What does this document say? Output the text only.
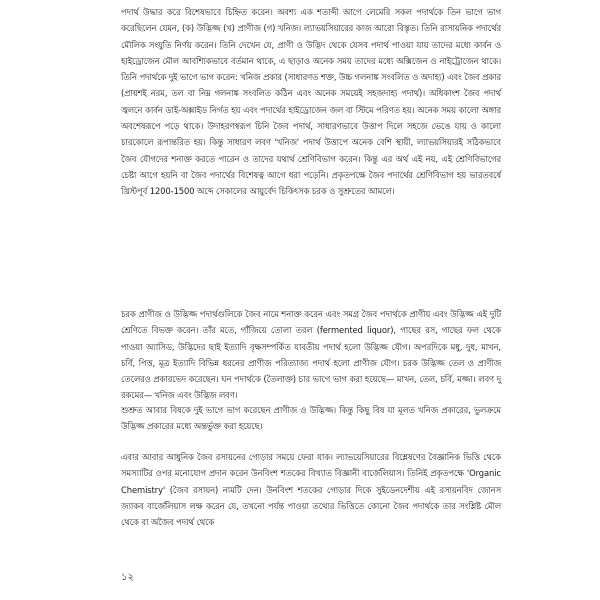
পদার্থ উদ্ধার করে বিশেষভাবে চিহ্নিত করেন। অবশ্য এক শতাব্দী আগে লেমেরি সকল পদার্থকে তিন ভাগে ভাগ করেছিলেন যেমন, (ক) উদ্ভিজ্জ (খ) প্রাণীজ (গ) খনিজ। ল্যাভয়সিয়ারের কাজ আরো বিস্তৃত। তিনি রাসায়নিক পদার্থের মৌলিক সংযুতি নির্ণয় করেন। তিনি দেখেন যে, প্রাণী ও উদ্ভিদ থেকে যেসব পদার্থ পাওয়া যায় তাদের মধ্যে কার্বন ও হাইড্রোজেন মৌল আবশ্যিকভাবে বর্তমান থাকে, এ ছাড়াও অনেক সময় তাদের মধ্যে অক্সিজেন ও নাইট্রোজেন থাকে। তিনি পদার্থকে দুই ভাগে ভাগ করেন: খনিজ প্রকার (সাধারণত শক্ত, উচ্চ গলনাঙ্ক সংবলিত ও অদাহ্য) এবং জৈব প্রকার (প্রায়শই নরম, তল বা নিম্ন গলনাঙ্ক সংবলিত কঠিন এবং অনেক সময়েই সহজদাহ্য পদার্থ)। অধিকাংশ জৈব পদার্থ জ্বলনে কার্বন ডাই-অক্সাইড নির্গত হয় এবং পদার্থের হাইড্রোজেন জল বা স্টিমে পরিণত হয়। অনেক সময় কালো অঙ্গার অবশেষরূপে পড়ে থাকে। উদাহরণস্বরূপ চিনি জৈব পদার্থ, সাধারণভাবে উত্তাপ দিলে সহজে ভেঙে যায় ও কালো চারকোলে রূপান্তরিত হয়। কিন্তু সাধারণ লবণ 'খনিজ' পদার্থ উত্তাপে অনেক বেশি স্থায়ী, ল্যাভয়সিয়ারই সঠিকভাবে জৈব যৌগদের শনাক্ত করতে পারেন ও তাদের যথার্থ শ্রেণিবিভাগ করেন। কিন্তু এর অর্থ এই নয়, এই শ্রেণিবিভাগের চেষ্টা আগে হয়নি বা জৈব পদার্থের বিশেষত্ব আগে ধরা পড়েনি। প্রকৃতপক্ষে জৈব পদার্থের শ্রেণিবিভাগ হয় ভারতবর্ষে খ্রিস্টপূর্ব 1200-1500 অব্দে সেকালের আয়ুর্বেদ চিকিৎসক চরক ও সুশ্রুতের আমলে।

চরক প্রাণীজ ও উদ্ভিজ্জ পদার্থগুলিকে জৈব নামে শনাক্ত করেন এবং সমগ্র জৈব পদার্থকে প্রাণীয় এবং উদ্ভিজ্জ এই দুটি শ্রেণিতে বিভক্ত করেন। তাঁর মতে, গাঁজিয়ে তোলা তরল (fermented liquor), গাছের রস, গাছের ফল থেকে পাওয়া অ্যাসিড, উদ্ভিদের ছাই ইত্যাদি বৃক্ষসম্পর্কিত যাবতীয় পদার্থ হলো উদ্ভিজ্জ যৌগ। অপরদিকে মধু, দুধ, মাখন, চর্বি, পিত্ত, মূত্র ইত্যাদি বিভিন্ন ধরনের প্রাণীজ পরিত্যাজ্য পদার্থ হলো প্রাণীজ যৌগ। চরক উদ্ভিজ্জ তেল ও প্রাণীজ তেলেরও প্রকারভেদ করেছেন। ঘন পদার্থকে (তৈলাক্ত) চার ভাগে ভাগ করা হয়েছে— মাখন, তেল, চর্বি, মজ্জা। লবণ দু রকমের— খনিজ এবং উদ্ভিজ লবণ।

শুশ্রুত আবার বিষকে দুই ভাগে ভাগ করেছেন প্রাণীজ ও উদ্ভিজ্জ। কিন্তু কিছু বিষ যা মূলত খনিজ প্রকারের, ভুলক্রমে উদ্ভিজ্জ প্রকারের মধ্যে অন্তর্ভুক্ত করা হয়েছে।

এবার আবার আধুনিক জৈব রসায়নের গোড়ার সময়ে ফেরা যাক। ল্যাভয়েসিয়ারের বিশ্লেষণের বৈজ্ঞানিক ভিত্তি থেকে সমস্যাটির ওপর মনোযোগ প্রদান করেন উনবিংশ শতকের বিখ্যাত বিজ্ঞানী বার্জেলিয়াস। তিনিই প্রকৃতপক্ষে 'Organic Chemistry' (জৈব রসায়ন) নামটি দেন। উনবিংশ শতকের গোড়ার দিকে সুইডেনদেশীয় এই রসায়নবিদ জোনস জ্যাকব বার্জেলিয়াস লক্ষ করেন যে, তখনো পর্যন্ত পাওয়া তথ্যের ভিত্তিতে কোনো জৈব পদার্থকে তার সংশ্লিষ্ট মৌল থেকে বা অজৈব পদার্থ থেকে

১২
